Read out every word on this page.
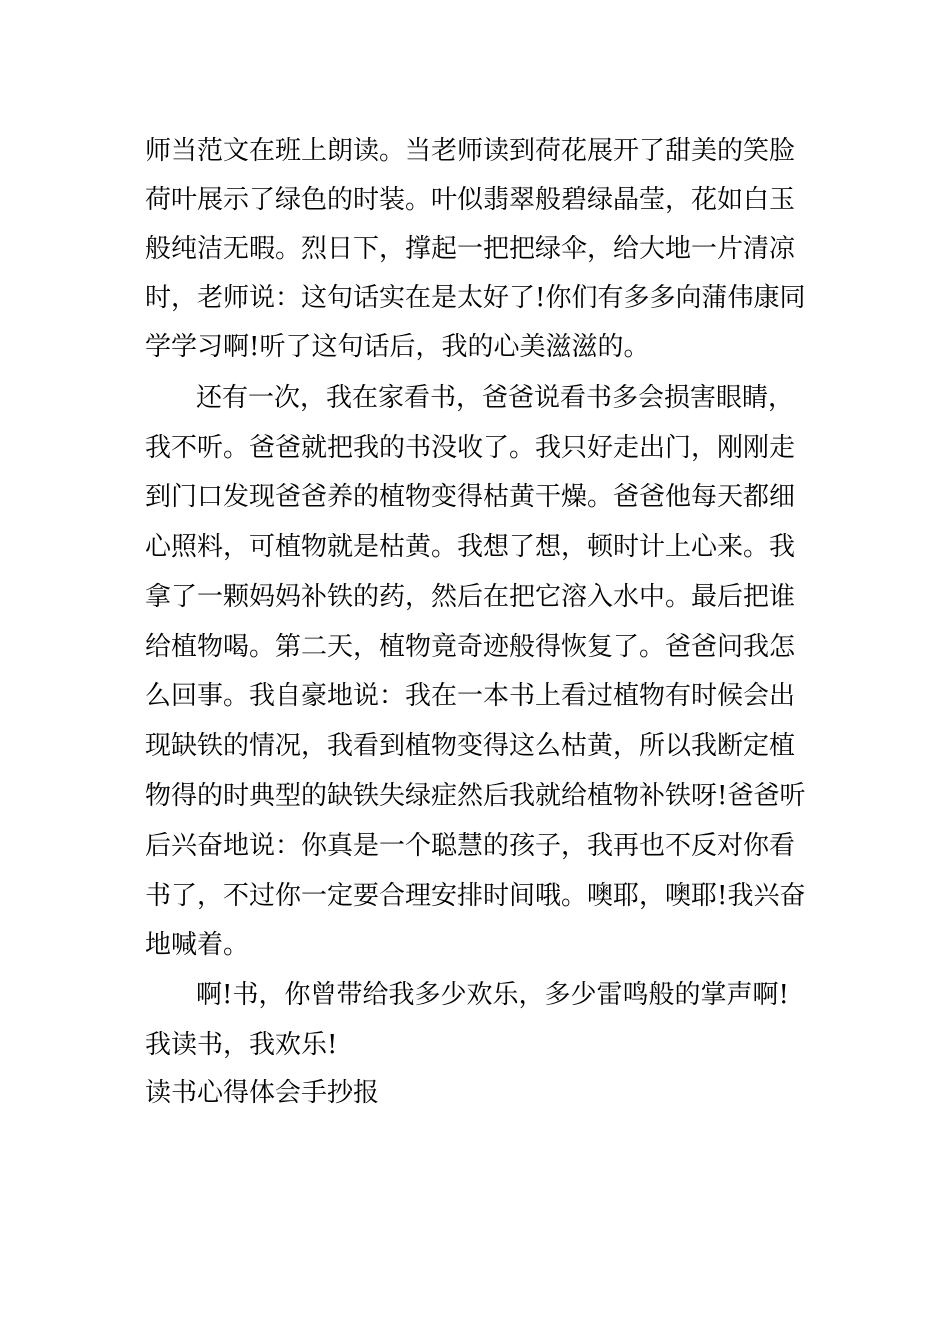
师当范文在班上朗读。当老师读到荷花展开了甜美的笑脸
荷叶展示了绿色的时装。叶似翡翠般碧绿晶莹，花如白玉
般纯洁无暇。烈日下，撑起一把把绿伞，给大地一片清凉
时，老师说：这句话实在是太好了!你们有多多向蒲伟康同
学学习啊!听了这句话后，我的心美滋滋的。
还有一次，我在家看书，爸爸说看书多会损害眼睛，
我不听。爸爸就把我的书没收了。我只好走出门，刚刚走
到门口发现爸爸养的植物变得枯黄干燥。爸爸他每天都细
心照料，可植物就是枯黄。我想了想，顿时计上心来。我
拿了一颗妈妈补铁的药，然后在把它溶入水中。最后把谁
给植物喝。第二天，植物竟奇迹般得恢复了。爸爸问我怎
么回事。我自豪地说：我在一本书上看过植物有时候会出
现缺铁的情况，我看到植物变得这么枯黄，所以我断定植
物得的时典型的缺铁失绿症然后我就给植物补铁呀!爸爸听
后兴奋地说：你真是一个聪慧的孩子，我再也不反对你看
书了，不过你一定要合理安排时间哦。噢耶，噢耶!我兴奋
地喊着。
啊!书，你曾带给我多少欢乐，多少雷鸣般的掌声啊!
我读书，我欢乐!
读书心得体会手抄报
